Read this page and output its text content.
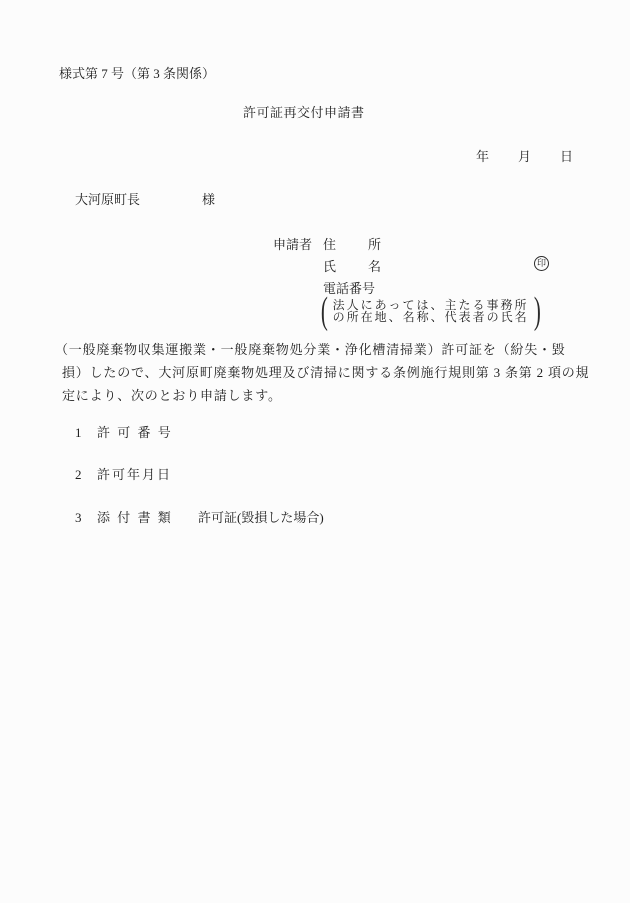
様式第 7 号（第 3 条関係）
許可証再交付申請書
年　　月　　日
大河原町長	様
申請者 住　　所
氏　　名	印
電話番号
( 法人にあっては、主たる事務所
の所在地、名称、代表者の氏名 )
（一般廃棄物収集運搬業・一般廃棄物処分業・浄化槽清掃業）許可証を（紛失・毀
損）したので、大河原町廃棄物処理及び清掃に関する条例施行規則第 3 条第 2 項の規
定により、次のとおり申請します。
1 許 可 番 号
2 許可年月日
3 添 付 書 類 許可証(毀損した場合)
